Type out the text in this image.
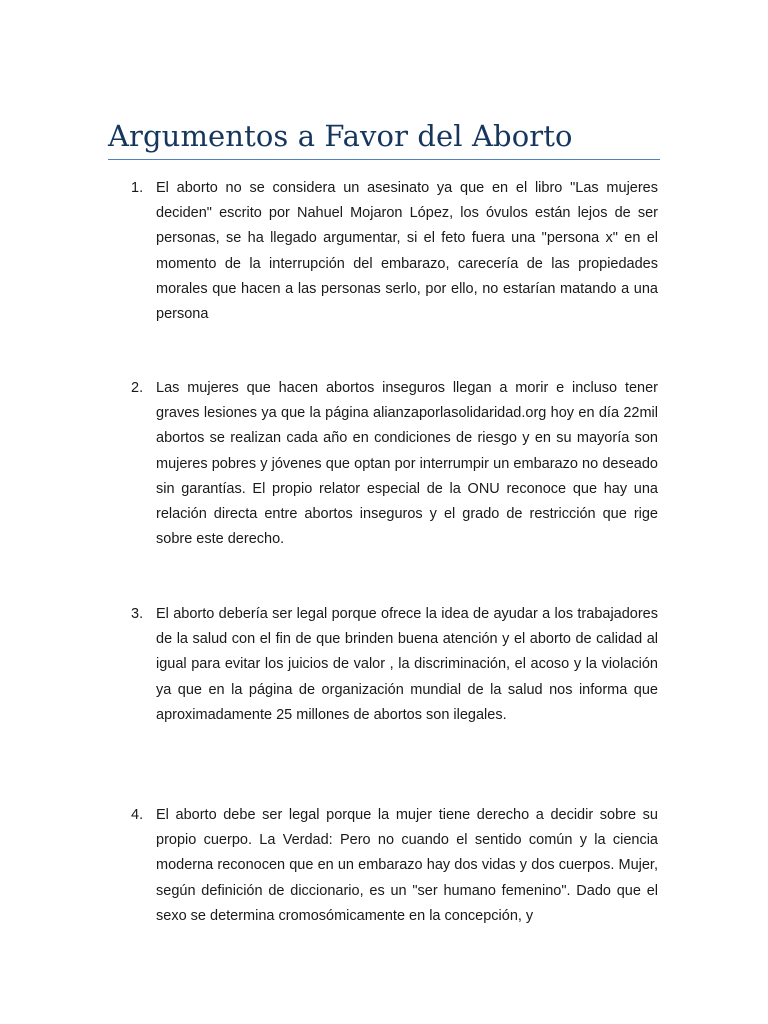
Argumentos a Favor del Aborto
1. El aborto no se considera un asesinato ya que en el libro "Las mujeres deciden" escrito por Nahuel Mojaron López, los óvulos están lejos de ser personas, se ha llegado argumentar, si el feto fuera una "persona x" en el momento de la interrupción del embarazo, carecería de las propiedades morales que hacen a las personas serlo, por ello, no estarían matando a una persona

2. Las mujeres que hacen abortos inseguros llegan a morir e incluso tener graves lesiones ya que la página alianzaporlasolidaridad.org hoy en día 22mil abortos se realizan cada año en condiciones de riesgo y en su mayoría son mujeres pobres y jóvenes que optan por interrumpir un embarazo no deseado sin garantías. El propio relator especial de la ONU reconoce que hay una relación directa entre abortos inseguros y el grado de restricción que rige sobre este derecho.

3. El aborto debería ser legal porque ofrece la idea de ayudar a los trabajadores de la salud con el fin de que brinden buena atención y el aborto de calidad al igual para evitar los juicios de valor , la discriminación, el acoso y la violación ya que en la página de organización mundial de la salud nos informa que aproximadamente 25 millones de abortos son ilegales.

4. El aborto debe ser legal porque la mujer tiene derecho a decidir sobre su propio cuerpo. La Verdad: Pero no cuando el sentido común y la ciencia moderna reconocen que en un embarazo hay dos vidas y dos cuerpos. Mujer, según definición de diccionario, es un "ser humano femenino". Dado que el sexo se determina cromosómicamente en la concepción, y
